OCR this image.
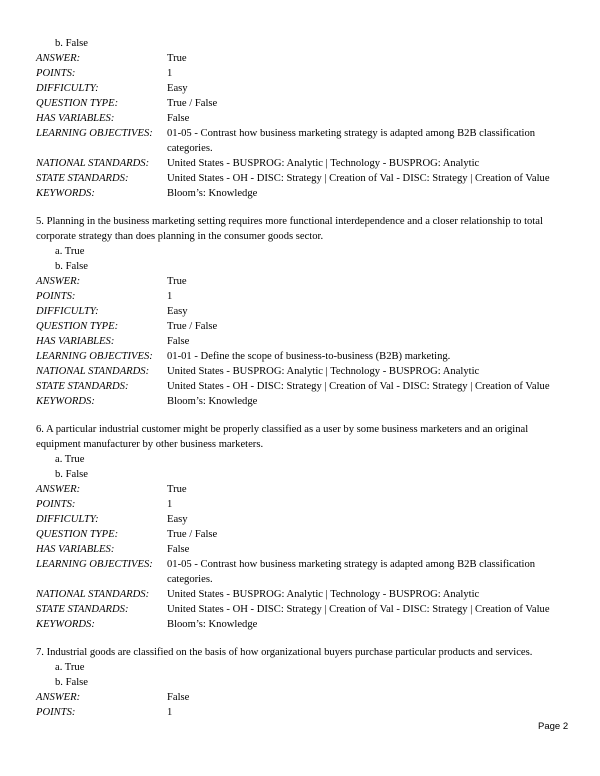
b. False
ANSWER:	True
POINTS:	1
DIFFICULTY:	Easy
QUESTION TYPE:	True / False
HAS VARIABLES:	False
LEARNING OBJECTIVES:	01-05 - Contrast how business marketing strategy is adapted among B2B classification categories.
NATIONAL STANDARDS:	United States - BUSPROG: Analytic | Technology - BUSPROG: Analytic
STATE STANDARDS:	United States - OH - DISC: Strategy | Creation of Val - DISC: Strategy | Creation of Value
KEYWORDS:	Bloom’s: Knowledge
5. Planning in the business marketing setting requires more functional interdependence and a closer relationship to total corporate strategy than does planning in the consumer goods sector.
a. True
b. False
ANSWER:	True
POINTS:	1
DIFFICULTY:	Easy
QUESTION TYPE:	True / False
HAS VARIABLES:	False
LEARNING OBJECTIVES:	01-01 - Define the scope of business-to-business (B2B) marketing.
NATIONAL STANDARDS:	United States - BUSPROG: Analytic | Technology - BUSPROG: Analytic
STATE STANDARDS:	United States - OH - DISC: Strategy | Creation of Val - DISC: Strategy | Creation of Value
KEYWORDS:	Bloom’s: Knowledge
6. A particular industrial customer might be properly classified as a user by some business marketers and an original equipment manufacturer by other business marketers.
a. True
b. False
ANSWER:	True
POINTS:	1
DIFFICULTY:	Easy
QUESTION TYPE:	True / False
HAS VARIABLES:	False
LEARNING OBJECTIVES:	01-05 - Contrast how business marketing strategy is adapted among B2B classification categories.
NATIONAL STANDARDS:	United States - BUSPROG: Analytic | Technology - BUSPROG: Analytic
STATE STANDARDS:	United States - OH - DISC: Strategy | Creation of Val - DISC: Strategy | Creation of Value
KEYWORDS:	Bloom’s: Knowledge
7. Industrial goods are classified on the basis of how organizational buyers purchase particular products and services.
a. True
b. False
ANSWER:	False
POINTS:	1
Page 2
